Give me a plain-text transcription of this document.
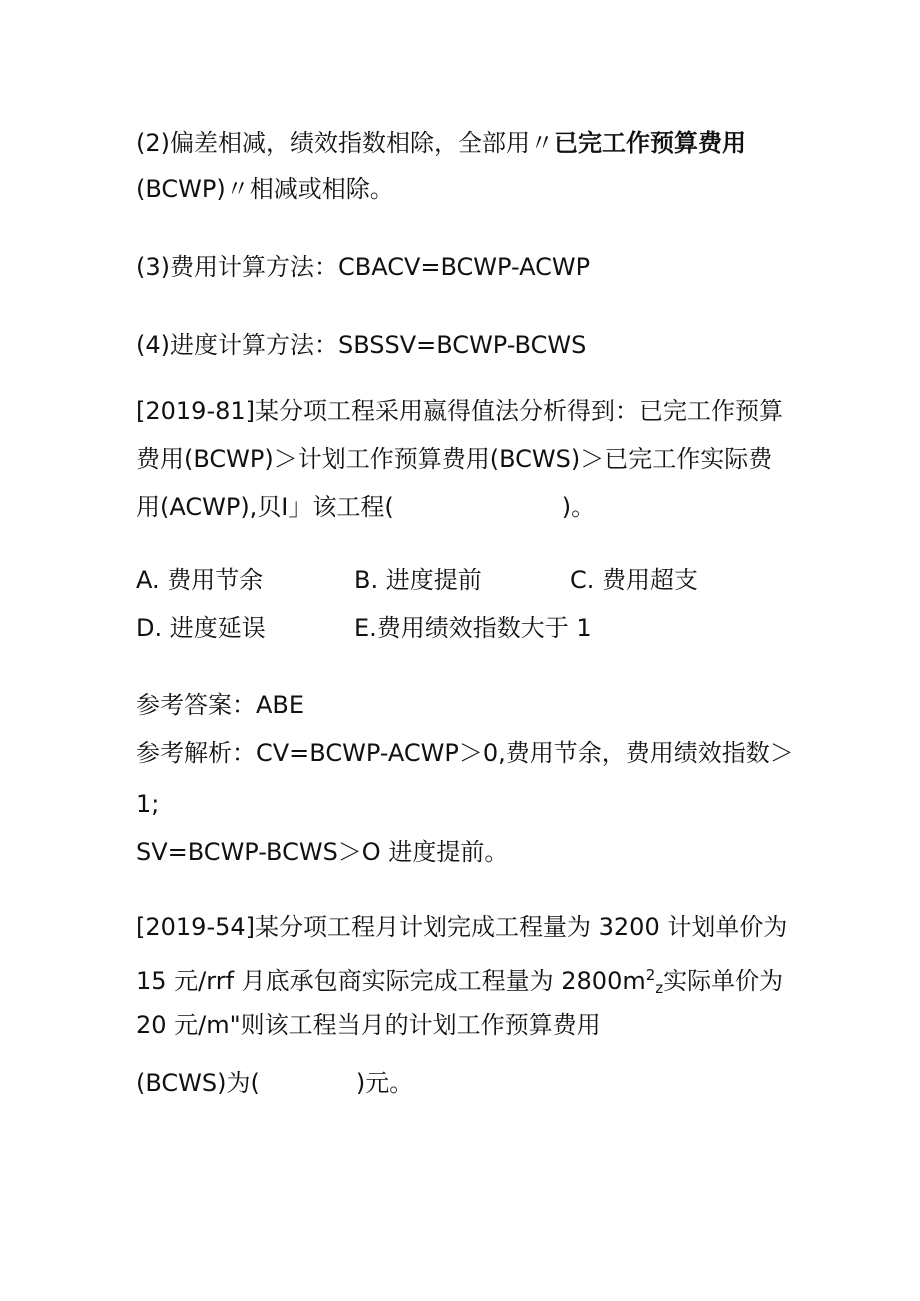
(2)偏差相减，绩效指数相除，全部用〃已完工作预算费用
(BCWP)〃相减或相除。
(3)费用计算方法：CBACV=BCWP-ACWP
(4)进度计算方法：SBSSV=BCWP-BCWS
[2019-81]某分项工程采用嬴得值法分析得到：已完工作预算
费用(BCWP)＞计划工作预算费用(BCWS)＞已完工作实际费
用(ACWP),贝I」该工程(　　　　　　　)。
A. 费用节余	B. 进度提前	C. 费用超支
D. 进度延误	E.费用绩效指数大于 1
参考答案：ABE
参考解析：CV=BCWP-ACWP＞0,费用节余，费用绩效指数＞
1;
SV=BCWP-BCWS＞O 进度提前。
[2019-54]某分项工程月计划完成工程量为 3200 计划单价为
15 元/rrf 月底承包商实际完成工程量为 $2800m^2_z$实际单价为
20 元/m"则该工程当月的计划工作预算费用
(BCWS)为(　　　　)元。
